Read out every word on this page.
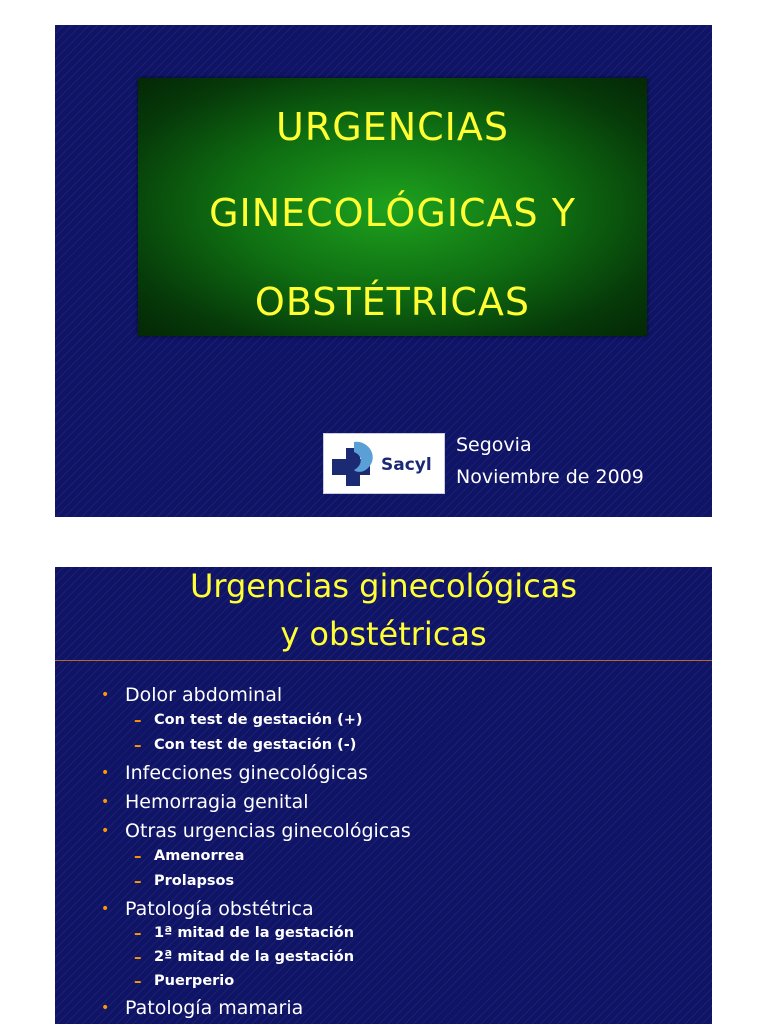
URGENCIAS
GINECOLÓGICAS Y
OBSTÉTRICAS
Sacyl
Segovia
Noviembre de 2009
Urgencias ginecológicas
y obstétricas
• Dolor abdominal
– Con test de gestación (+)
– Con test de gestación (-)
• Infecciones ginecológicas
• Hemorragia genital
• Otras urgencias ginecológicas
– Amenorrea
– Prolapsos
• Patología obstétrica
– 1ª mitad de la gestación
– 2ª mitad de la gestación
– Puerperio
• Patología mamaria
